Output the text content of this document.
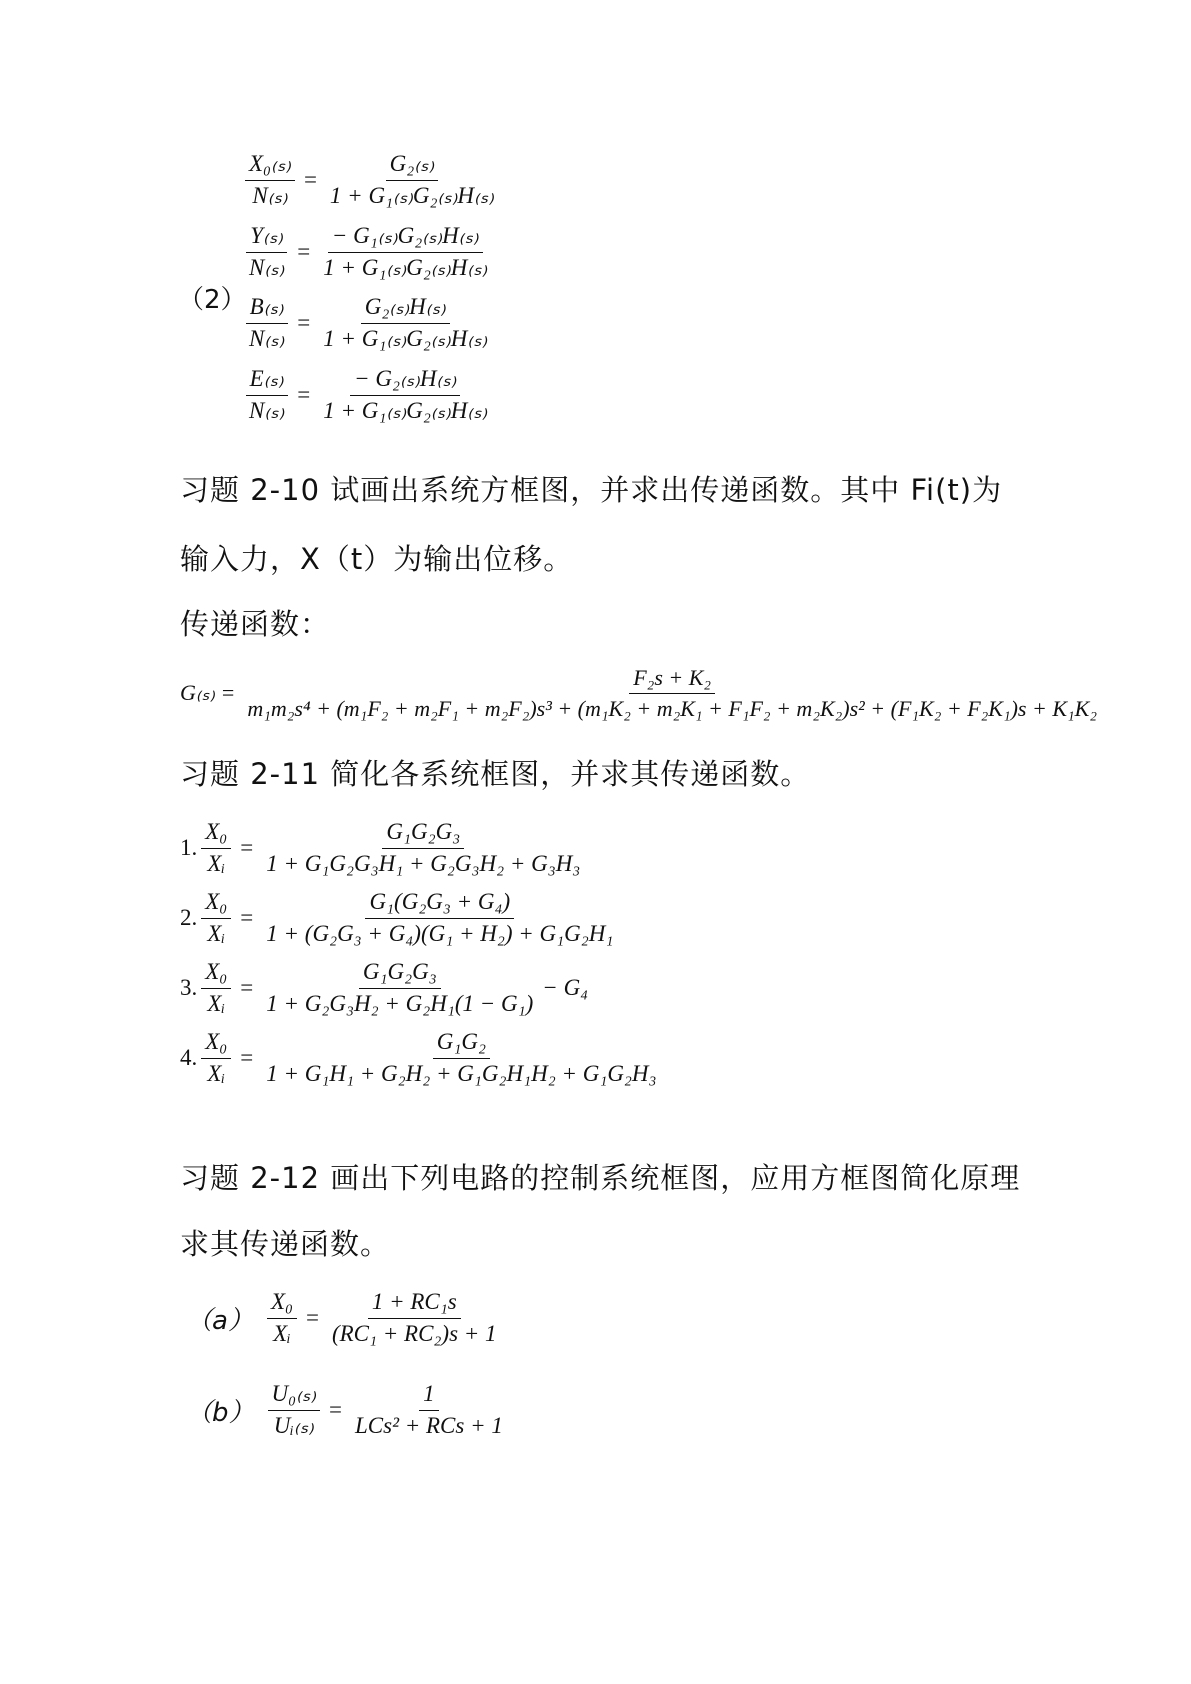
（2）
$\frac{\text{X₀₍ₛ₎}}{\text{N₍ₛ₎}} = \frac{\text{G₂₍ₛ₎}}{\text{1 + G₁₍ₛ₎G₂₍ₛ₎H₍ₛ₎}}$
$\frac{\text{Y₍ₛ₎}}{\text{N₍ₛ₎}} = \frac{\text{− G₁₍ₛ₎G₂₍ₛ₎H₍ₛ₎}}{\text{1 + G₁₍ₛ₎G₂₍ₛ₎H₍ₛ₎}}$
$\frac{\text{B₍ₛ₎}}{\text{N₍ₛ₎}} = \frac{\text{G₂₍ₛ₎H₍ₛ₎}}{\text{1 + G₁₍ₛ₎G₂₍ₛ₎H₍ₛ₎}}$
$\frac{\text{E₍ₛ₎}}{\text{N₍ₛ₎}} = \frac{\text{− G₂₍ₛ₎H₍ₛ₎}}{\text{1 + G₁₍ₛ₎G₂₍ₛ₎H₍ₛ₎}}$
习题 2-10 试画出系统方框图，并求出传递函数。其中 Fi(t)为
输入力，X（t）为输出位移。
传递函数：
G₍ₛ₎ =
F₂s + K₂
m₁m₂s⁴ + (m₁F₂ + m₂F₁ + m₂F₂)s³ + (m₁K₂ + m₂K₁ + F₁F₂ + m₂K₂)s² + (F₁K₂ + F₂K₁)s + K₁K₂
习题 2-11 简化各系统框图，并求其传递函数。
1. $\frac{\text{X₀}}{\text{Xᵢ}} = \frac{\text{G₁G₂G₃}}{\text{1 + G₁G₂G₃H₁ + G₂G₃H₂ + G₃H₃}}$
2. $\frac{\text{X₀}}{\text{Xᵢ}} = \frac{\text{G₁(G₂G₃ + G₄)}}{\text{1 + (G₂G₃ + G₄)(G₁ + H₂) + G₁G₂H₁}}$
3. $\frac{\text{X₀}}{\text{Xᵢ}} = \frac{\text{G₁G₂G₃}}{\text{1 + G₂G₃H₂ + G₂H₁(1 − G₁)}} - G_4$
4. $\frac{\text{X₀}}{\text{Xᵢ}} = \frac{\text{G₁G₂}}{\text{1 + G₁H₁ + G₂H₂ + G₁G₂H₁H₂ + G₁G₂H₃}}$
习题 2-12 画出下列电路的控制系统框图，应用方框图简化原理
求其传递函数。
$(a) \frac{\text{X₀}}{\text{Xᵢ}} = \frac{\text{1 + RC₁s}}{\text{(RC₁ + RC₂)s + 1}}$
$(b) \frac{\text{U₀₍ₛ₎}}{\text{Uᵢ₍ₛ₎}} = \frac{1}{\text{LCs² + RCs + 1}}$
